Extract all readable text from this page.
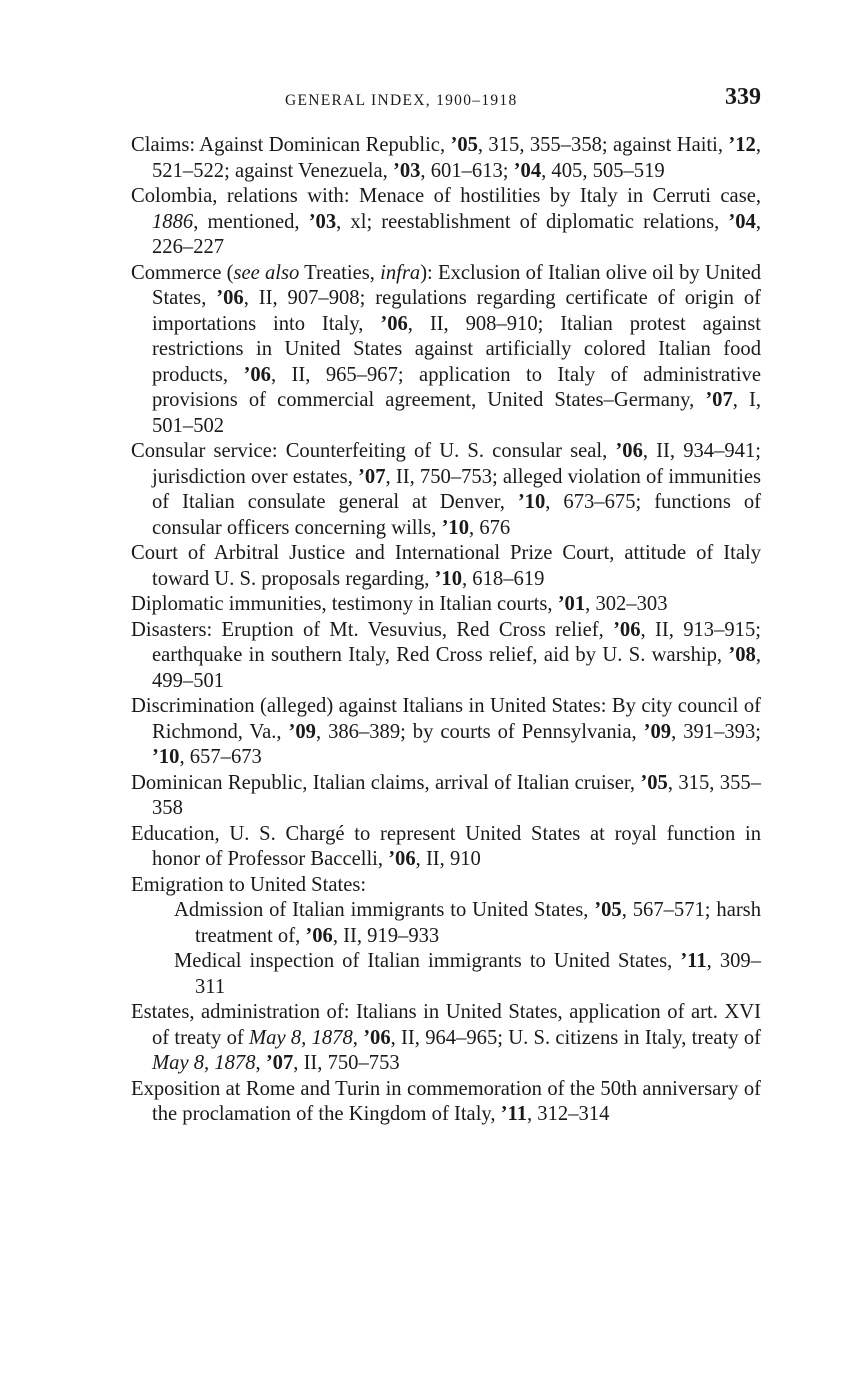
GENERAL INDEX, 1900–1918	339
Claims: Against Dominican Republic, ’05, 315, 355–358; against Haiti, ’12, 521–522; against Venezuela, ’03, 601–613; ’04, 405, 505–519
Colombia, relations with: Menace of hostilities by Italy in Cerruti case, 1886, mentioned, ’03, xl; reestablishment of diplomatic relations, ’04, 226–227
Commerce (see also Treaties, infra): Exclusion of Italian olive oil by United States, ’06, II, 907–908; regulations regarding certificate of origin of importations into Italy, ’06, II, 908–910; Italian protest against restrictions in United States against artificially colored Italian food products, ’06, II, 965–967; application to Italy of administrative provisions of commercial agreement, United States–Germany, ’07, I, 501–502
Consular service: Counterfeiting of U. S. consular seal, ’06, II, 934–941; jurisdiction over estates, ’07, II, 750–753; alleged violation of immunities of Italian consulate general at Denver, ’10, 673–675; functions of consular officers concerning wills, ’10, 676
Court of Arbitral Justice and International Prize Court, attitude of Italy toward U. S. proposals regarding, ’10, 618–619
Diplomatic immunities, testimony in Italian courts, ’01, 302–303
Disasters: Eruption of Mt. Vesuvius, Red Cross relief, ’06, II, 913–915; earthquake in southern Italy, Red Cross relief, aid by U. S. warship, ’08, 499–501
Discrimination (alleged) against Italians in United States: By city council of Richmond, Va., ’09, 386–389; by courts of Pennsylvania, ’09, 391–393; ’10, 657–673
Dominican Republic, Italian claims, arrival of Italian cruiser, ’05, 315, 355–358
Education, U. S. Chargé to represent United States at royal function in honor of Professor Baccelli, ’06, II, 910
Emigration to United States:
Admission of Italian immigrants to United States, ’05, 567–571; harsh treatment of, ’06, II, 919–933
Medical inspection of Italian immigrants to United States, ’11, 309–311
Estates, administration of: Italians in United States, application of art. XVI of treaty of May 8, 1878, ’06, II, 964–965; U. S. citizens in Italy, treaty of May 8, 1878, ’07, II, 750–753
Exposition at Rome and Turin in commemoration of the 50th anniversary of the proclamation of the Kingdom of Italy, ’11, 312–314
